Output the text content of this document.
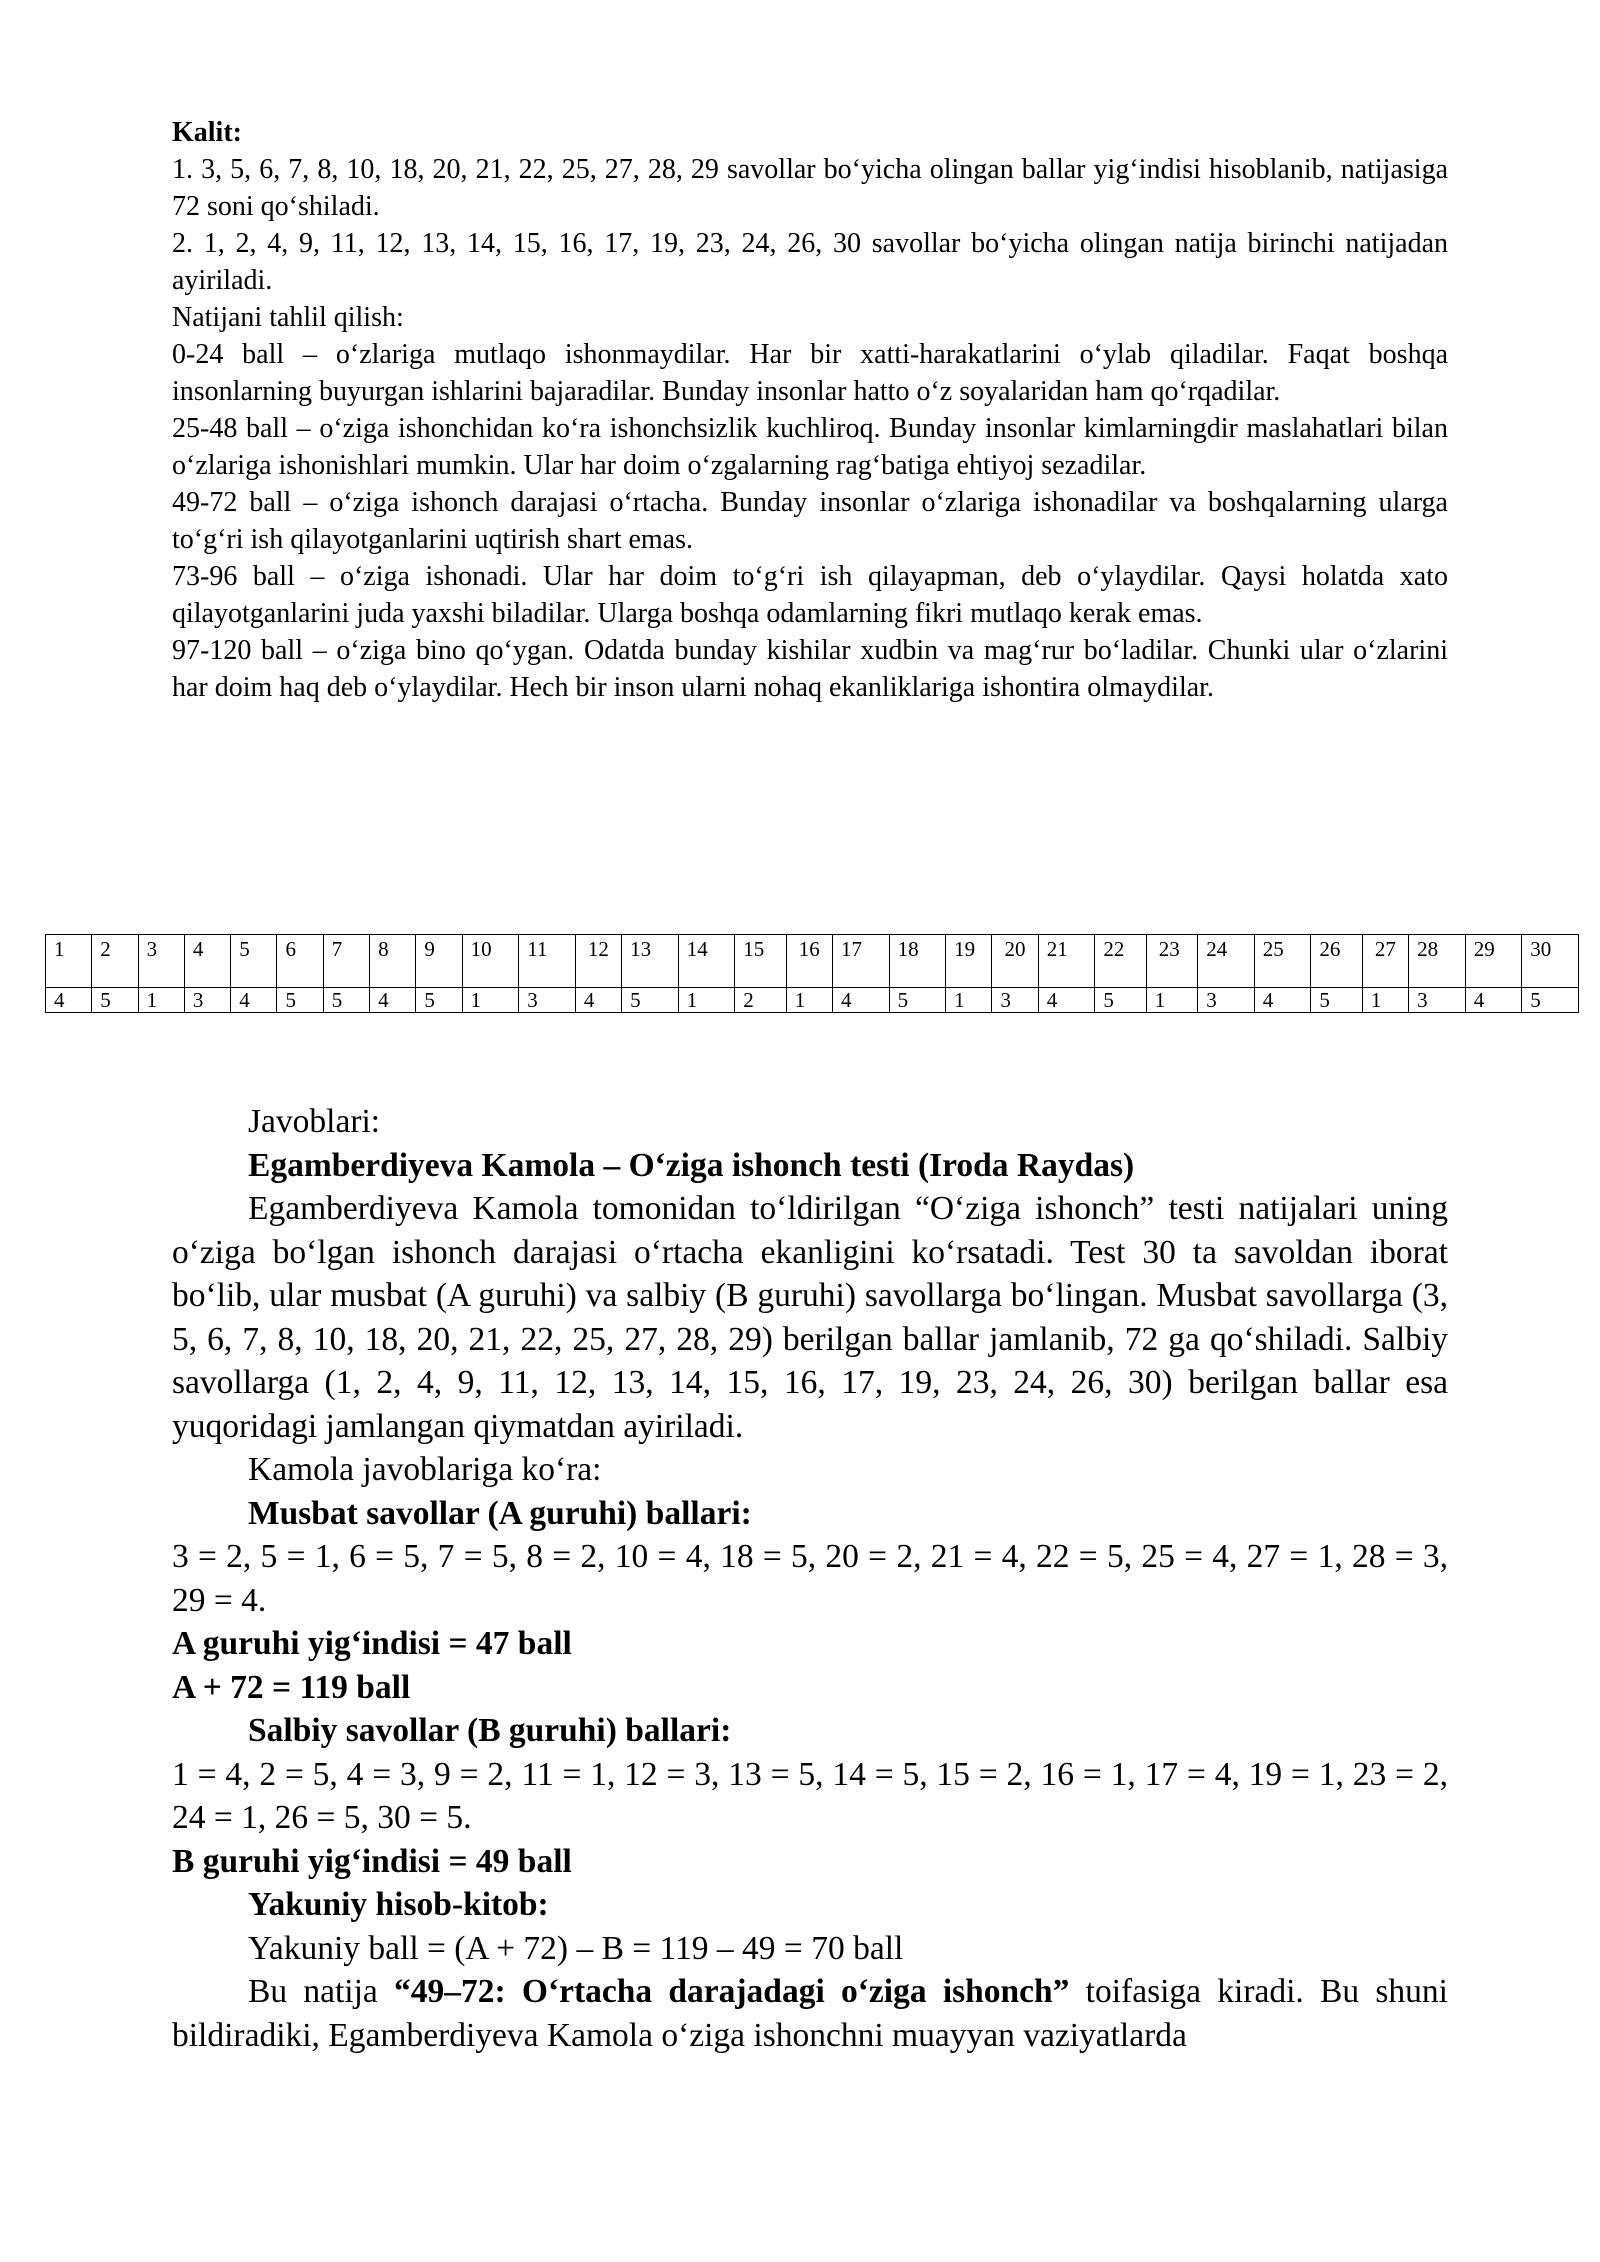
Kalit:

1. 3, 5, 6, 7, 8, 10, 18, 20, 21, 22, 25, 27, 28, 29 savollar bo‘yicha olingan ballar yig‘indisi hisoblanib, natijasiga 72 soni qo‘shiladi.

2. 1, 2, 4, 9, 11, 12, 13, 14, 15, 16, 17, 19, 23, 24, 26, 30 savollar bo‘yicha olingan natija birinchi natijadan ayiriladi.

Natijani tahlil qilish:

0-24 ball – o‘zlariga mutlaqo ishonmaydilar. Har bir xatti-harakatlarini o‘ylab qiladilar. Faqat boshqa insonlarning buyurgan ishlarini bajaradilar. Bunday insonlar hatto o‘z soyalaridan ham qo‘rqadilar.

25-48 ball – o‘ziga ishonchidan ko‘ra ishonchsizlik kuchliroq. Bunday insonlar kimlarningdir maslahatlari bilan o‘zlariga ishonishlari mumkin. Ular har doim o‘zgalarning rag‘batiga ehtiyoj sezadilar.

49-72 ball – o‘ziga ishonch darajasi o‘rtacha. Bunday insonlar o‘zlariga ishonadilar va boshqalarning ularga to‘g‘ri ish qilayotganlarini uqtirish shart emas.

73-96 ball – o‘ziga ishonadi. Ular har doim to‘g‘ri ish qilayapman, deb o‘ylaydilar. Qaysi holatda xato qilayotganlarini juda yaxshi biladilar. Ularga boshqa odamlarning fikri mutlaqo kerak emas.

97-120 ball – o‘ziga bino qo‘ygan. Odatda bunday kishilar xudbin va mag‘rur bo‘ladilar. Chunki ular o‘zlarini har doim haq deb o‘ylaydilar. Hech bir inson ularni nohaq ekanliklariga ishontira olmaydilar.

1	2	3	4	5	6	7	8	9	10	11	12	13	14	15	16	17	18	19	20	21	22	23	24	25	26	27	28	29	30
4	5	1	3	4	5	5	4	5	1	3	4	5	1	2	1	4	5	1	3	4	5	1	3	4	5	1	3	4	5

Javoblari:

Egamberdiyeva Kamola – O‘ziga ishonch testi (Iroda Raydas)

Egamberdiyeva Kamola tomonidan to‘ldirilgan “O‘ziga ishonch” testi natijalari uning o‘ziga bo‘lgan ishonch darajasi o‘rtacha ekanligini ko‘rsatadi. Test 30 ta savoldan iborat bo‘lib, ular musbat (A guruhi) va salbiy (B guruhi) savollarga bo‘lingan. Musbat savollarga (3, 5, 6, 7, 8, 10, 18, 20, 21, 22, 25, 27, 28, 29) berilgan ballar jamlanib, 72 ga qo‘shiladi. Salbiy savollarga (1, 2, 4, 9, 11, 12, 13, 14, 15, 16, 17, 19, 23, 24, 26, 30) berilgan ballar esa yuqoridagi jamlangan qiymatdan ayiriladi.

Kamola javoblariga ko‘ra:

Musbat savollar (A guruhi) ballari:

3 = 2, 5 = 1, 6 = 5, 7 = 5, 8 = 2, 10 = 4, 18 = 5, 20 = 2, 21 = 4, 22 = 5, 25 = 4, 27 = 1, 28 = 3, 29 = 4.

A guruhi yig‘indisi = 47 ball

A + 72 = 119 ball

Salbiy savollar (B guruhi) ballari:

1 = 4, 2 = 5, 4 = 3, 9 = 2, 11 = 1, 12 = 3, 13 = 5, 14 = 5, 15 = 2, 16 = 1, 17 = 4, 19 = 1, 23 = 2, 24 = 1, 26 = 5, 30 = 5.

B guruhi yig‘indisi = 49 ball

Yakuniy hisob-kitob:

Yakuniy ball = (A + 72) – B = 119 – 49 = 70 ball

Bu natija “49–72: O‘rtacha darajadagi o‘ziga ishonch” toifasiga kiradi. Bu shuni bildiradiki, Egamberdiyeva Kamola o‘ziga ishonchni muayyan vaziyatlarda
